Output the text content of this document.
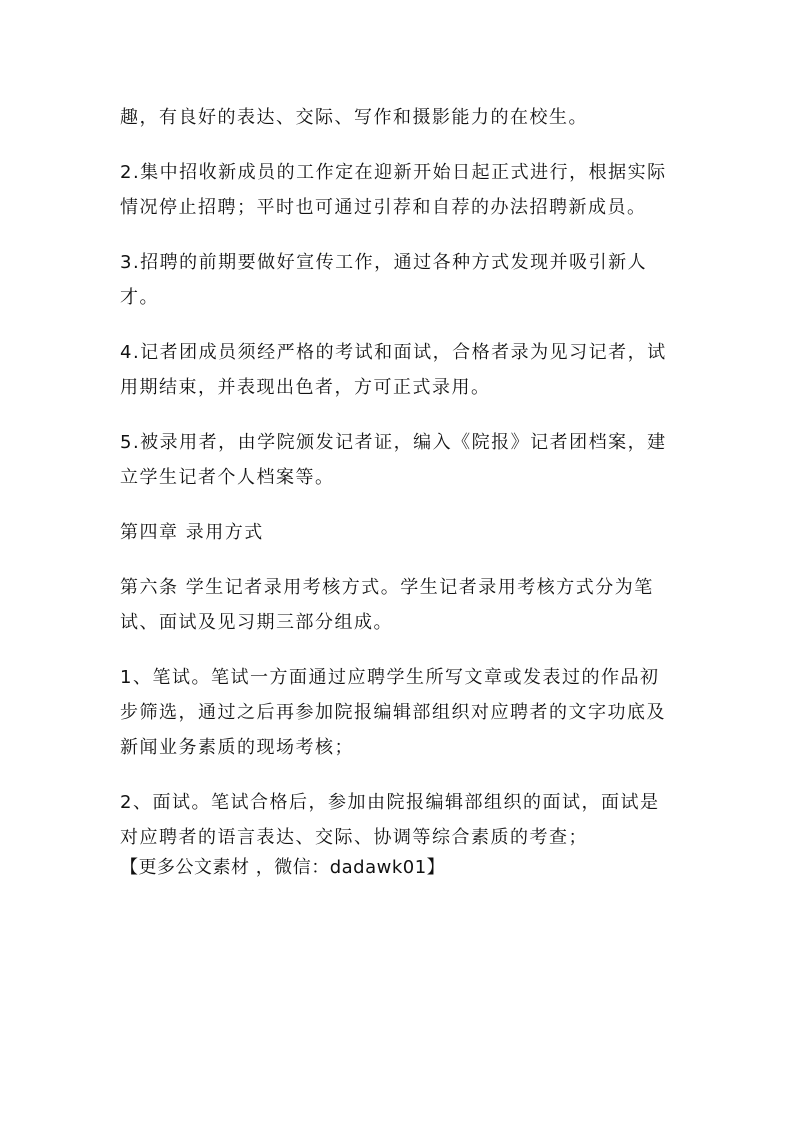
趣，有良好的表达、交际、写作和摄影能力的在校生。

2.集中招收新成员的工作定在迎新开始日起正式进行，根据实际情况停止招聘；平时也可通过引荐和自荐的办法招聘新成员。

3.招聘的前期要做好宣传工作，通过各种方式发现并吸引新人才。

4.记者团成员须经严格的考试和面试，合格者录为见习记者，试用期结束，并表现出色者，方可正式录用。

5.被录用者，由学院颁发记者证，编入《院报》记者团档案，建立学生记者个人档案等。

第四章 录用方式

第六条 学生记者录用考核方式。学生记者录用考核方式分为笔试、面试及见习期三部分组成。

1、笔试。笔试一方面通过应聘学生所写文章或发表过的作品初步筛选，通过之后再参加院报编辑部组织对应聘者的文字功底及新闻业务素质的现场考核；

2、面试。笔试合格后，参加由院报编辑部组织的面试，面试是对应聘者的语言表达、交际、协调等综合素质的考查；

【更多公文素材 ，微信：dadawk01】
